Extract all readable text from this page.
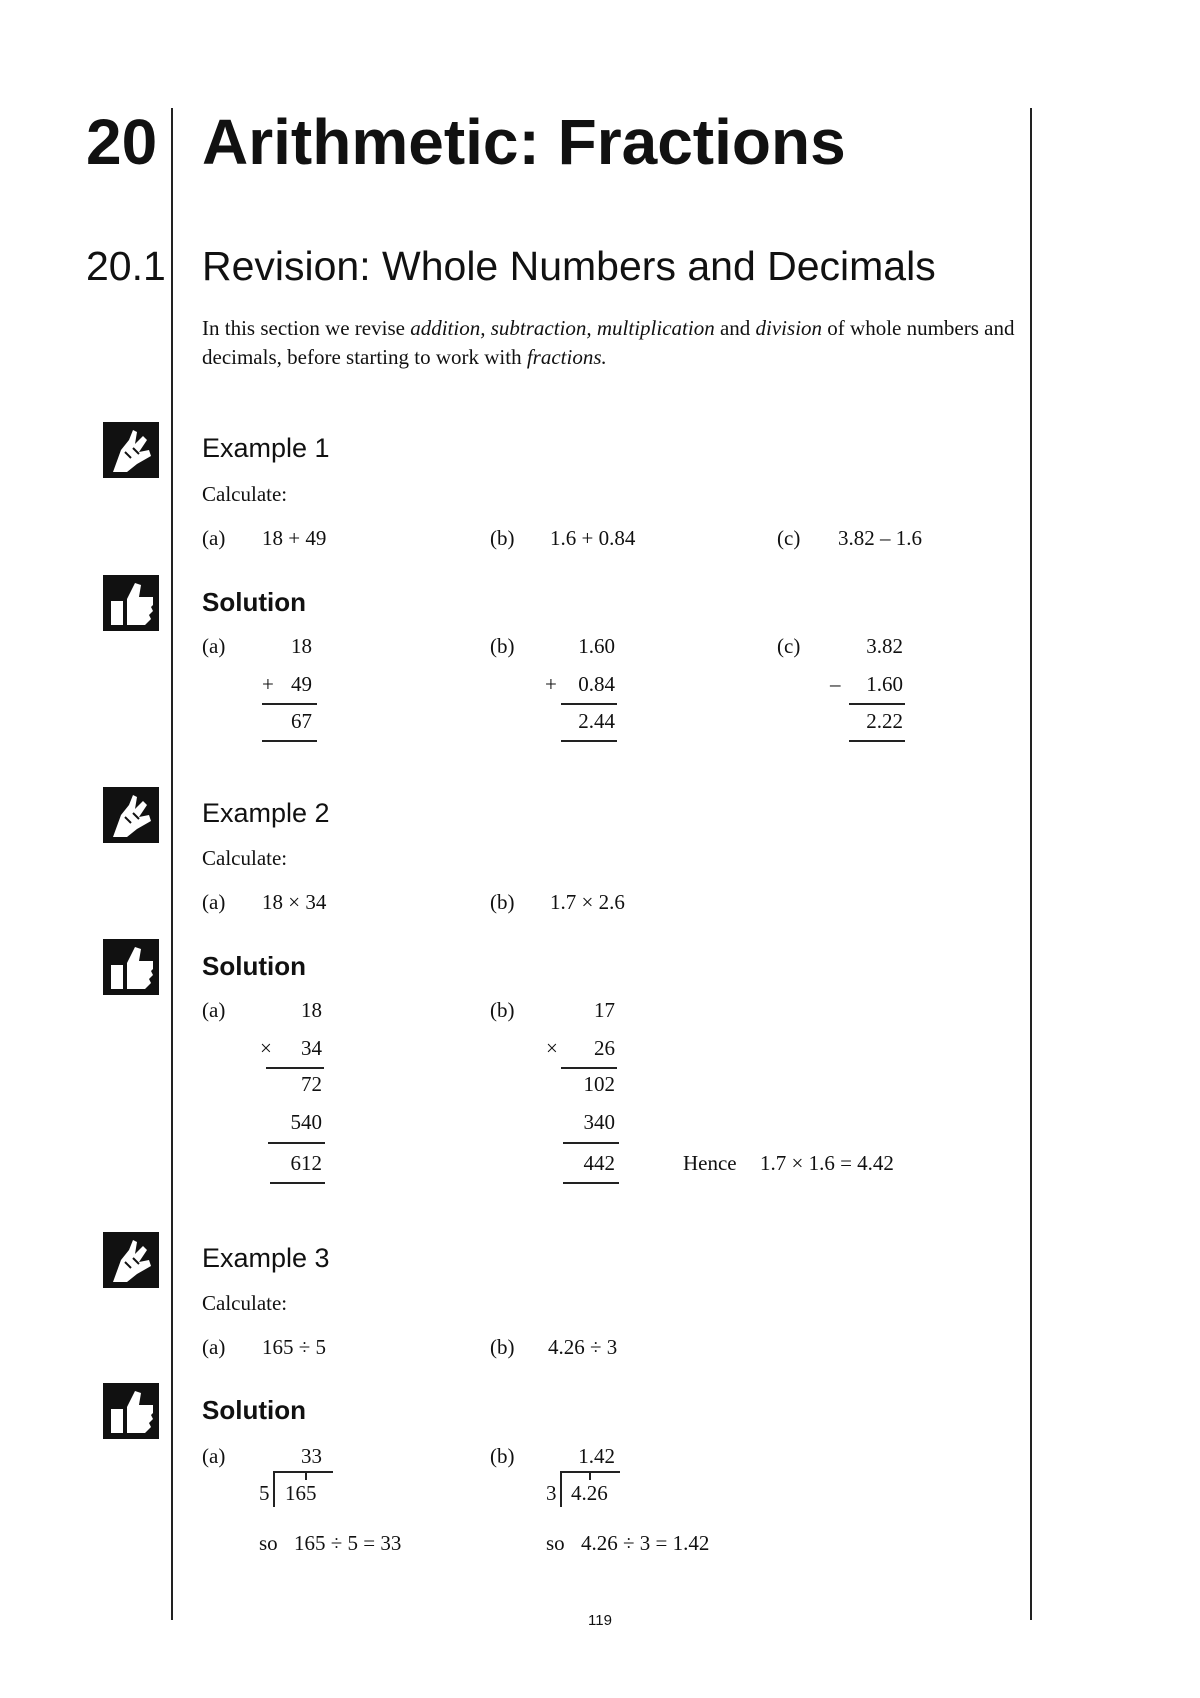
20 Arithmetic: Fractions
20.1 Revision: Whole Numbers and Decimals
In this section we revise addition, subtraction, multiplication and division of whole numbers and decimals, before starting to work with fractions.
Example 1
Calculate:
(a) 18 + 49	(b) 1.6 + 0.84	(c) 3.82 – 1.6
Solution
(a)	18
+ 49
67
(b)	1.60
+	0.84
2.44
(c)	3.82
–	1.60
2.22
Example 2
Calculate:
(a) 18 × 34	(b) 1.7 × 2.6
Solution
(a)	18
×	34
72
540
612
(b)	17
×	26
102
340
442	Hence 1.7 × 1.6 = 4.42
Example 3
Calculate:
(a) 165 ÷ 5	(b) 4.26 ÷ 3
Solution
(a)	33
5 165
so 165 ÷ 5 = 33
(b)	1.42
3 4.26
so 4.26 ÷ 3 = 1.42
119
